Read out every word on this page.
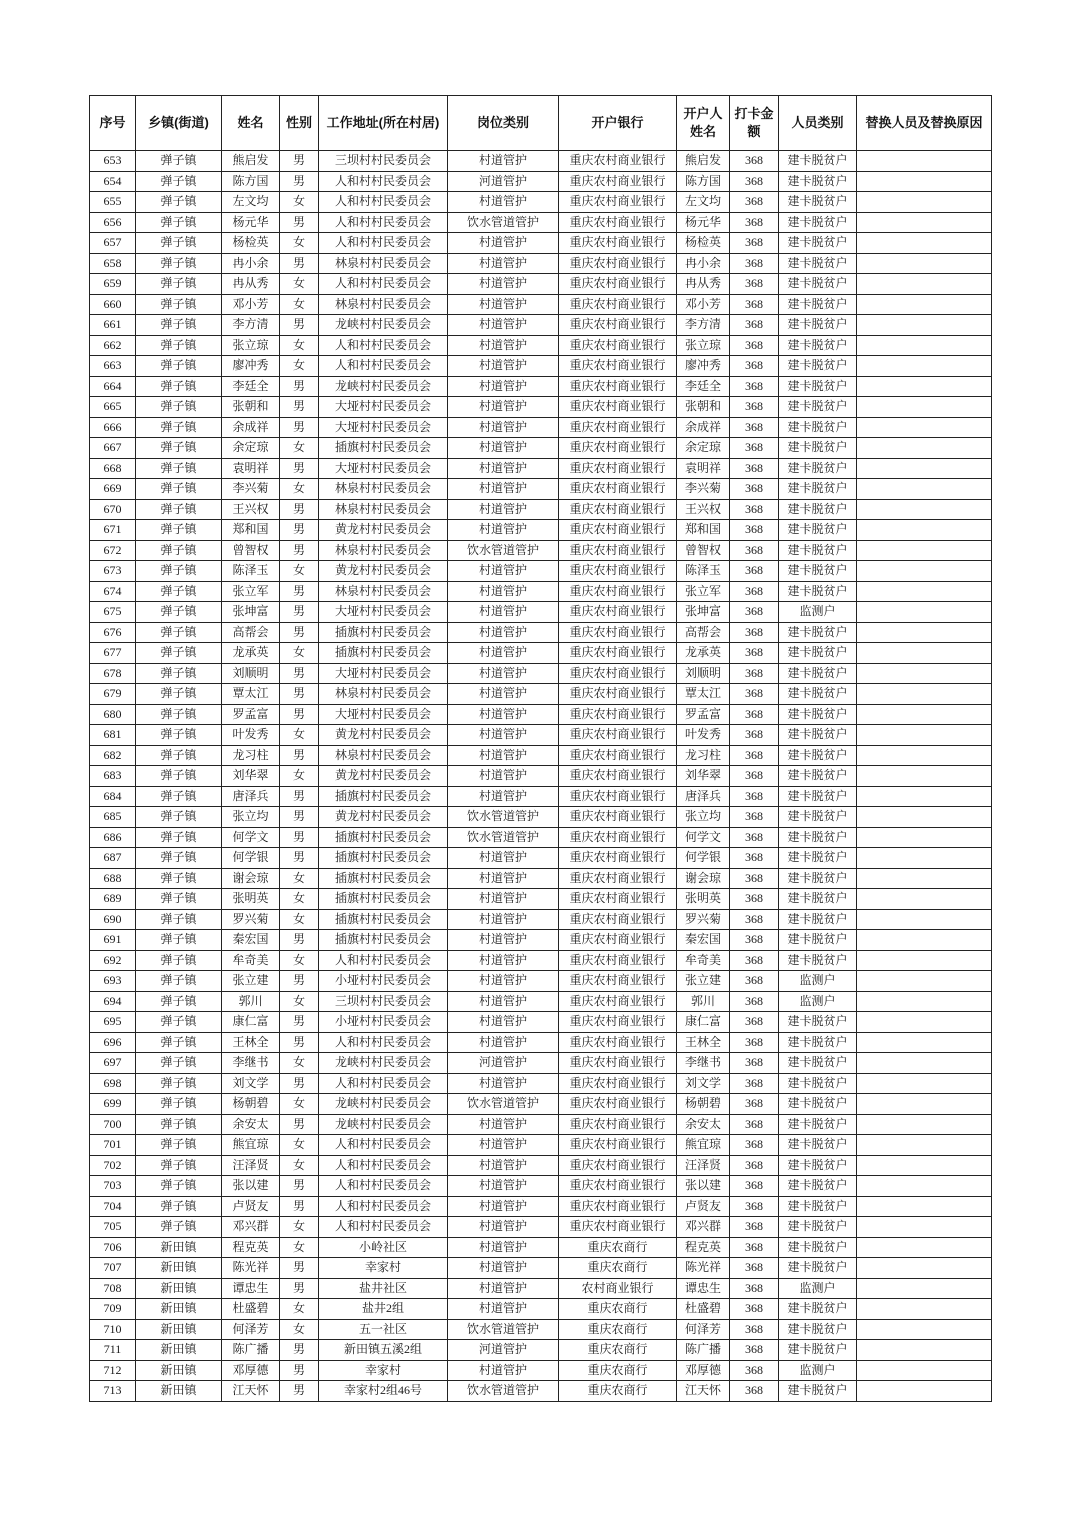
序号	乡镇(街道)	姓名	性别	工作地址(所在村居)	岗位类别	开户银行	开户人姓名	打卡金额	人员类别	替换人员及替换原因
653	弹子镇	熊启发	男	三坝村村民委员会	村道管护	重庆农村商业银行	熊启发	368	建卡脱贫户	
654	弹子镇	陈方国	男	人和村村民委员会	河道管护	重庆农村商业银行	陈方国	368	建卡脱贫户	
655	弹子镇	左文均	女	人和村村民委员会	村道管护	重庆农村商业银行	左文均	368	建卡脱贫户	
656	弹子镇	杨元华	男	人和村村民委员会	饮水管道管护	重庆农村商业银行	杨元华	368	建卡脱贫户	
657	弹子镇	杨检英	女	人和村村民委员会	村道管护	重庆农村商业银行	杨检英	368	建卡脱贫户	
658	弹子镇	冉小余	男	林泉村村民委员会	村道管护	重庆农村商业银行	冉小余	368	建卡脱贫户	
659	弹子镇	冉从秀	女	人和村村民委员会	村道管护	重庆农村商业银行	冉从秀	368	建卡脱贫户	
660	弹子镇	邓小芳	女	林泉村村民委员会	村道管护	重庆农村商业银行	邓小芳	368	建卡脱贫户	
661	弹子镇	李方清	男	龙峡村村民委员会	村道管护	重庆农村商业银行	李方清	368	建卡脱贫户	
662	弹子镇	张立琼	女	人和村村民委员会	村道管护	重庆农村商业银行	张立琼	368	建卡脱贫户	
663	弹子镇	廖冲秀	女	人和村村民委员会	村道管护	重庆农村商业银行	廖冲秀	368	建卡脱贫户	
664	弹子镇	李廷全	男	龙峡村村民委员会	村道管护	重庆农村商业银行	李廷全	368	建卡脱贫户	
665	弹子镇	张朝和	男	大垭村村民委员会	村道管护	重庆农村商业银行	张朝和	368	建卡脱贫户	
666	弹子镇	余成祥	男	大垭村村民委员会	村道管护	重庆农村商业银行	余成祥	368	建卡脱贫户	
667	弹子镇	余定琼	女	插旗村村民委员会	村道管护	重庆农村商业银行	余定琼	368	建卡脱贫户	
668	弹子镇	袁明祥	男	大垭村村民委员会	村道管护	重庆农村商业银行	袁明祥	368	建卡脱贫户	
669	弹子镇	李兴菊	女	林泉村村民委员会	村道管护	重庆农村商业银行	李兴菊	368	建卡脱贫户	
670	弹子镇	王兴权	男	林泉村村民委员会	村道管护	重庆农村商业银行	王兴权	368	建卡脱贫户	
671	弹子镇	郑和国	男	黄龙村村民委员会	村道管护	重庆农村商业银行	郑和国	368	建卡脱贫户	
672	弹子镇	曾智权	男	林泉村村民委员会	饮水管道管护	重庆农村商业银行	曾智权	368	建卡脱贫户	
673	弹子镇	陈泽玉	女	黄龙村村民委员会	村道管护	重庆农村商业银行	陈泽玉	368	建卡脱贫户	
674	弹子镇	张立军	男	林泉村村民委员会	村道管护	重庆农村商业银行	张立军	368	建卡脱贫户	
675	弹子镇	张坤富	男	大垭村村民委员会	村道管护	重庆农村商业银行	张坤富	368	监测户	
676	弹子镇	高帮会	男	插旗村村民委员会	村道管护	重庆农村商业银行	高帮会	368	建卡脱贫户	
677	弹子镇	龙承英	女	插旗村村民委员会	村道管护	重庆农村商业银行	龙承英	368	建卡脱贫户	
678	弹子镇	刘顺明	男	大垭村村民委员会	村道管护	重庆农村商业银行	刘顺明	368	建卡脱贫户	
679	弹子镇	覃太江	男	林泉村村民委员会	村道管护	重庆农村商业银行	覃太江	368	建卡脱贫户	
680	弹子镇	罗孟富	男	大垭村村民委员会	村道管护	重庆农村商业银行	罗孟富	368	建卡脱贫户	
681	弹子镇	叶发秀	女	黄龙村村民委员会	村道管护	重庆农村商业银行	叶发秀	368	建卡脱贫户	
682	弹子镇	龙习柱	男	林泉村村民委员会	村道管护	重庆农村商业银行	龙习柱	368	建卡脱贫户	
683	弹子镇	刘华翠	女	黄龙村村民委员会	村道管护	重庆农村商业银行	刘华翠	368	建卡脱贫户	
684	弹子镇	唐泽兵	男	插旗村村民委员会	村道管护	重庆农村商业银行	唐泽兵	368	建卡脱贫户	
685	弹子镇	张立均	男	黄龙村村民委员会	饮水管道管护	重庆农村商业银行	张立均	368	建卡脱贫户	
686	弹子镇	何学文	男	插旗村村民委员会	饮水管道管护	重庆农村商业银行	何学文	368	建卡脱贫户	
687	弹子镇	何学银	男	插旗村村民委员会	村道管护	重庆农村商业银行	何学银	368	建卡脱贫户	
688	弹子镇	谢会琼	女	插旗村村民委员会	村道管护	重庆农村商业银行	谢会琼	368	建卡脱贫户	
689	弹子镇	张明英	女	插旗村村民委员会	村道管护	重庆农村商业银行	张明英	368	建卡脱贫户	
690	弹子镇	罗兴菊	女	插旗村村民委员会	村道管护	重庆农村商业银行	罗兴菊	368	建卡脱贫户	
691	弹子镇	秦宏国	男	插旗村村民委员会	村道管护	重庆农村商业银行	秦宏国	368	建卡脱贫户	
692	弹子镇	牟奇美	女	人和村村民委员会	村道管护	重庆农村商业银行	牟奇美	368	建卡脱贫户	
693	弹子镇	张立建	男	小垭村村民委员会	村道管护	重庆农村商业银行	张立建	368	监测户	
694	弹子镇	郭川	女	三坝村村民委员会	村道管护	重庆农村商业银行	郭川	368	监测户	
695	弹子镇	康仁富	男	小垭村村民委员会	村道管护	重庆农村商业银行	康仁富	368	建卡脱贫户	
696	弹子镇	王林全	男	人和村村民委员会	村道管护	重庆农村商业银行	王林全	368	建卡脱贫户	
697	弹子镇	李继书	女	龙峡村村民委员会	河道管护	重庆农村商业银行	李继书	368	建卡脱贫户	
698	弹子镇	刘文学	男	人和村村民委员会	村道管护	重庆农村商业银行	刘文学	368	建卡脱贫户	
699	弹子镇	杨朝碧	女	龙峡村村民委员会	饮水管道管护	重庆农村商业银行	杨朝碧	368	建卡脱贫户	
700	弹子镇	余安太	男	龙峡村村民委员会	村道管护	重庆农村商业银行	余安太	368	建卡脱贫户	
701	弹子镇	熊宜琼	女	人和村村民委员会	村道管护	重庆农村商业银行	熊宜琼	368	建卡脱贫户	
702	弹子镇	汪泽贤	女	人和村村民委员会	村道管护	重庆农村商业银行	汪泽贤	368	建卡脱贫户	
703	弹子镇	张以建	男	人和村村民委员会	村道管护	重庆农村商业银行	张以建	368	建卡脱贫户	
704	弹子镇	卢贤友	男	人和村村民委员会	村道管护	重庆农村商业银行	卢贤友	368	建卡脱贫户	
705	弹子镇	邓兴群	女	人和村村民委员会	村道管护	重庆农村商业银行	邓兴群	368	建卡脱贫户	
706	新田镇	程克英	女	小岭社区	村道管护	重庆农商行	程克英	368	建卡脱贫户	
707	新田镇	陈光祥	男	幸家村	村道管护	重庆农商行	陈光祥	368	建卡脱贫户	
708	新田镇	谭忠生	男	盐井社区	村道管护	农村商业银行	谭忠生	368	监测户	
709	新田镇	杜盛碧	女	盐井2组	村道管护	重庆农商行	杜盛碧	368	建卡脱贫户	
710	新田镇	何泽芳	女	五一社区	饮水管道管护	重庆农商行	何泽芳	368	建卡脱贫户	
711	新田镇	陈广播	男	新田镇五溪2组	河道管护	重庆农商行	陈广播	368	建卡脱贫户	
712	新田镇	邓厚德	男	幸家村	村道管护	重庆农商行	邓厚德	368	监测户	
713	新田镇	江天怀	男	幸家村2组46号	饮水管道管护	重庆农商行	江天怀	368	建卡脱贫户	
